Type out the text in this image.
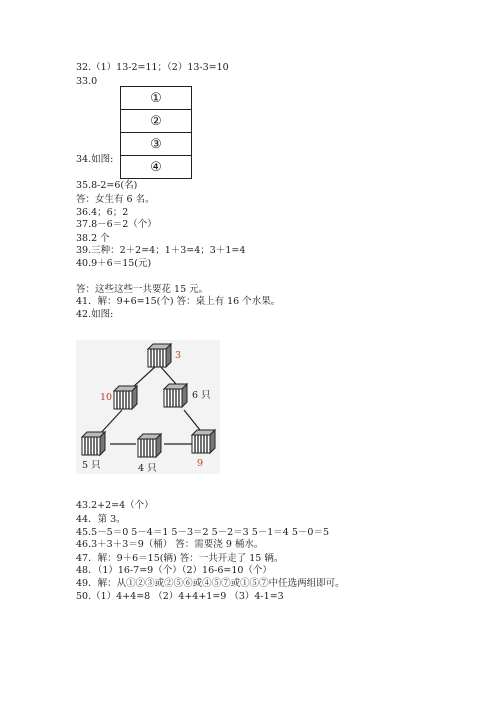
32.（1）13-2=11；（2）13-3=10
33.0
①
②
③
④
34.如图:
35.8-2=6(名)
答：女生有 6 名。
36.4；6；2
37.8－6＝2（个）
38.2 个
39.三种：2＋2=4；1＋3=4；3＋1=4
40.9＋6＝15(元)
答：这些这些一共要花 15 元。
41．解：9+6=15(个) 答：桌上有 16 个水果。
42.如图:
3
10	6 只
5 只	4 只	9
43.2+2=4（个）
44．第 3。
45.5－5＝0 5－4＝1 5－3＝2 5－2＝3 5－1＝4 5－0＝5
46.3＋3＋3＝9（桶） 答：需要浇 9 桶水。
47．解：9＋6＝15(辆) 答：一共开走了 15 辆。
48．（1）16-7=9（个）（2）16-6=10（个）
49．解：从①②③或②⑤⑥或④⑤⑦或①⑤⑦中任选两组即可。
50.（1）4+4=8 （2）4+4+1=9 （3）4-1=3
